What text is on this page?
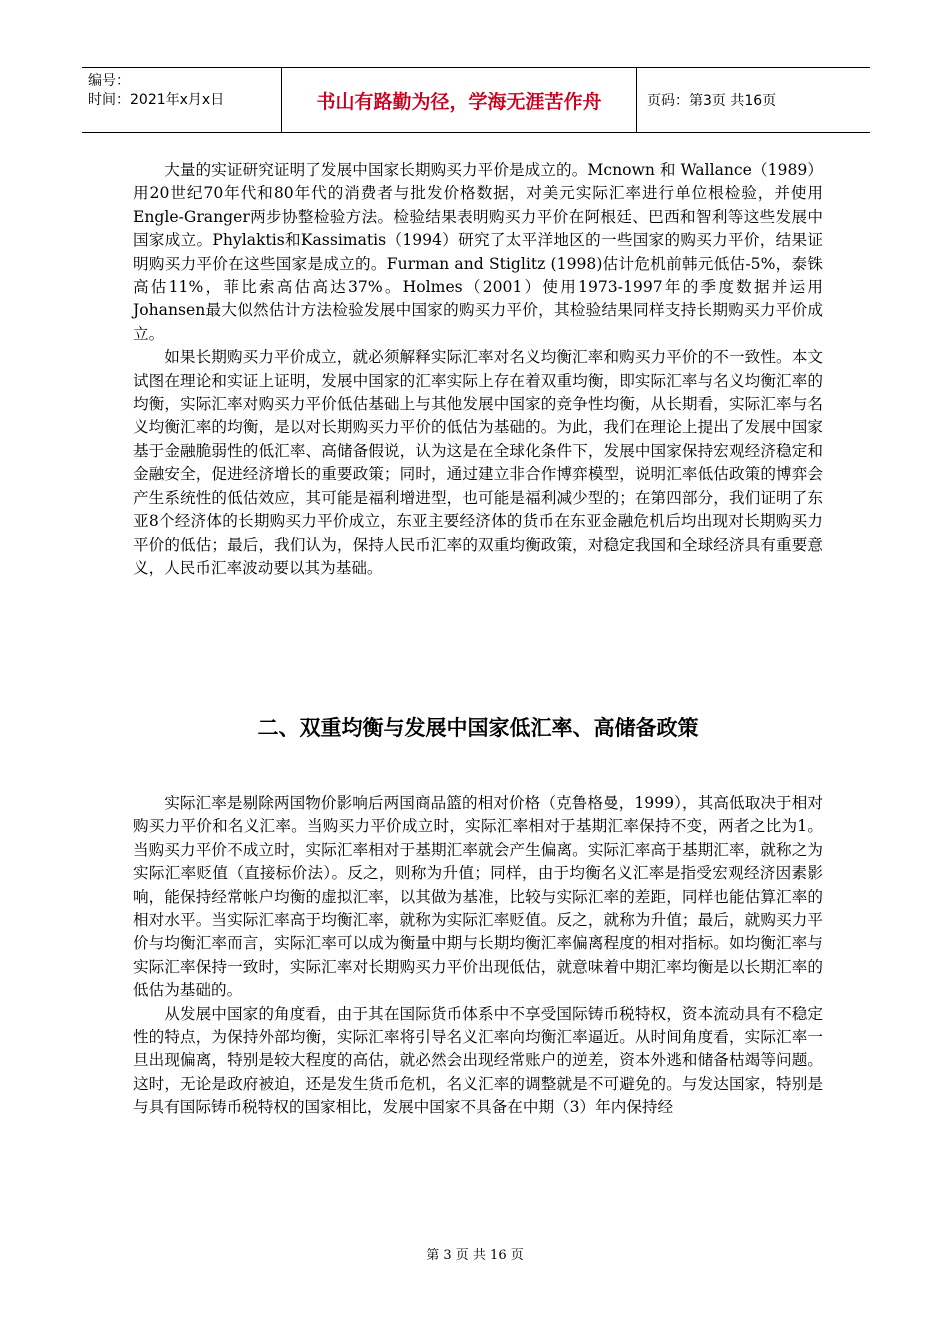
编号：
时间：2021年x月x日	书山有路勤为径，学海无涯苦作舟	页码：第3页 共16页

大量的实证研究证明了发展中国家长期购买力平价是成立的。Mcnown 和 Wallance（1989）用20世纪70年代和80年代的消费者与批发价格数据，对美元实际汇率进行单位根检验，并使用Engle-Granger两步协整检验方法。检验结果表明购买力平价在阿根廷、巴西和智利等这些发展中国家成立。Phylaktis和Kassimatis（1994）研究了太平洋地区的一些国家的购买力平价，结果证明购买力平价在这些国家是成立的。Furman and Stiglitz (1998)估计危机前韩元低估-5%，泰铢高估11%，菲比索高估高达37%。Holmes（2001）使用1973-1997年的季度数据并运用Johansen最大似然估计方法检验发展中国家的购买力平价，其检验结果同样支持长期购买力平价成立。

如果长期购买力平价成立，就必须解释实际汇率对名义均衡汇率和购买力平价的不一致性。本文试图在理论和实证上证明，发展中国家的汇率实际上存在着双重均衡，即实际汇率与名义均衡汇率的均衡，实际汇率对购买力平价低估基础上与其他发展中国家的竞争性均衡，从长期看，实际汇率与名义均衡汇率的均衡，是以对长期购买力平价的低估为基础的。为此，我们在理论上提出了发展中国家基于金融脆弱性的低汇率、高储备假说，认为这是在全球化条件下，发展中国家保持宏观经济稳定和金融安全，促进经济增长的重要政策；同时，通过建立非合作博弈模型，说明汇率低估政策的博弈会产生系统性的低估效应，其可能是福利增进型，也可能是福利减少型的；在第四部分，我们证明了东亚8个经济体的长期购买力平价成立，东亚主要经济体的货币在东亚金融危机后均出现对长期购买力平价的低估；最后，我们认为，保持人民币汇率的双重均衡政策，对稳定我国和全球经济具有重要意义，人民币汇率波动要以其为基础。

二、双重均衡与发展中国家低汇率、高储备政策

实际汇率是剔除两国物价影响后两国商品篮的相对价格（克鲁格曼，1999），其高低取决于相对购买力平价和名义汇率。当购买力平价成立时，实际汇率相对于基期汇率保持不变，两者之比为1。当购买力平价不成立时，实际汇率相对于基期汇率就会产生偏离。实际汇率高于基期汇率，就称之为实际汇率贬值（直接标价法）。反之，则称为升值；同样，由于均衡名义汇率是指受宏观经济因素影响，能保持经常帐户均衡的虚拟汇率，以其做为基准，比较与实际汇率的差距，同样也能估算汇率的相对水平。当实际汇率高于均衡汇率，就称为实际汇率贬值。反之，就称为升值；最后，就购买力平价与均衡汇率而言，实际汇率可以成为衡量中期与长期均衡汇率偏离程度的相对指标。如均衡汇率与实际汇率保持一致时，实际汇率对长期购买力平价出现低估，就意味着中期汇率均衡是以长期汇率的低估为基础的。

从发展中国家的角度看，由于其在国际货币体系中不享受国际铸币税特权，资本流动具有不稳定性的特点，为保持外部均衡，实际汇率将引导名义汇率向均衡汇率逼近。从时间角度看，实际汇率一旦出现偏离，特别是较大程度的高估，就必然会出现经常账户的逆差，资本外逃和储备枯竭等问题。这时，无论是政府被迫，还是发生货币危机，名义汇率的调整就是不可避免的。与发达国家，特别是与具有国际铸币税特权的国家相比，发展中国家不具备在中期（3）年内保持经

第 3 页 共 16 页
